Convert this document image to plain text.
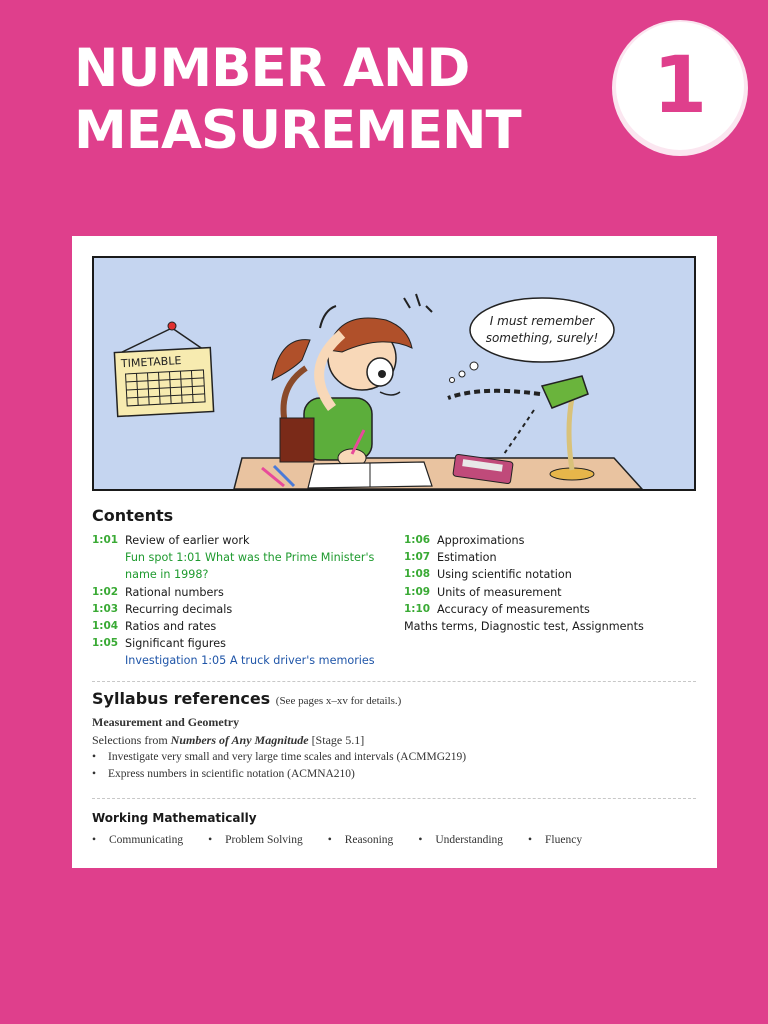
NUMBER AND
MEASUREMENT	1
TIMETABLE
I must remember
something, surely!
Contents
1:01 Review of earlier work
Fun spot 1:01 What was the Prime Minister's
name in 1998?
1:02 Rational numbers
1:03 Recurring decimals
1:04 Ratios and rates
1:05 Significant figures
Investigation 1:05 A truck driver's memories
1:06 Approximations
1:07 Estimation
1:08 Using scientific notation
1:09 Units of measurement
1:10 Accuracy of measurements
Maths terms, Diagnostic test, Assignments
Syllabus references (See pages x–xv for details.)
Measurement and Geometry
Selections from Numbers of Any Magnitude [Stage 5.1]
• Investigate very small and very large time scales and intervals (ACMMG219)
• Express numbers in scientific notation (ACMNA210)
Working Mathematically
• Communicating	• Problem Solving	• Reasoning	• Understanding	• Fluency
